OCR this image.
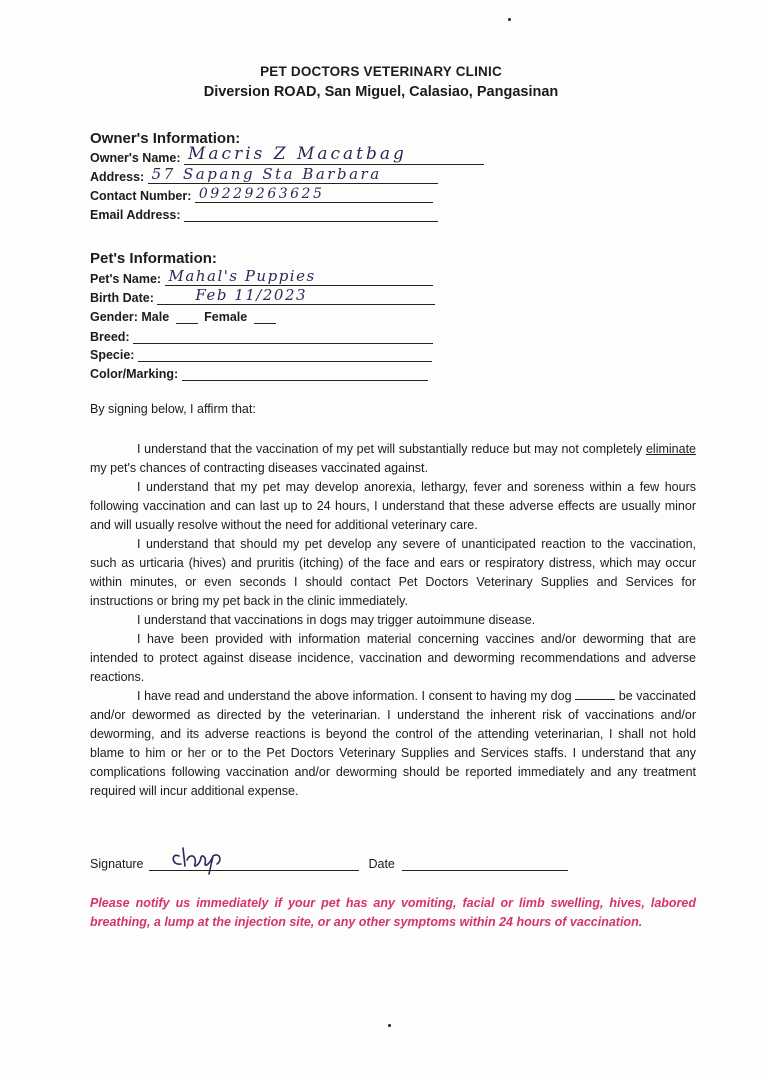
PET DOCTORS VETERINARY CLINIC
Diversion ROAD, San Miguel, Calasiao, Pangasinan
Owner's Information:
Owner's Name: Macris Z Macatbag
Address: 57 Sapang Sta Barbara
Contact Number: 09229263625
Email Address:
Pet's Information:
Pet's Name: Mahal's Puppies
Birth Date:	Feb 11/2023
Gender: Male	Female
Breed:
Specie:
Color/Marking:
By signing below, I affirm that:

I understand that the vaccination of my pet will substantially reduce but may not completely eliminate my pet's chances of contracting diseases vaccinated against.

I understand that my pet may develop anorexia, lethargy, fever and soreness within a few hours following vaccination and can last up to 24 hours, I understand that these adverse effects are usually minor and will usually resolve without the need for additional veterinary care.

I understand that should my pet develop any severe of unanticipated reaction to the vaccination, such as urticaria (hives) and pruritis (itching) of the face and ears or respiratory distress, which may occur within minutes, or even seconds I should contact Pet Doctors Veterinary Supplies and Services for instructions or bring my pet back in the clinic immediately.

I understand that vaccinations in dogs may trigger autoimmune disease.

I have been provided with information material concerning vaccines and/or deworming that are intended to protect against disease incidence, vaccination and deworming recommendations and adverse reactions.

I have read and understand the above information. I consent to having my dog	be vaccinated and/or dewormed as directed by the veterinarian. I understand the inherent risk of vaccinations and/or deworming, and its adverse reactions is beyond the control of the attending veterinarian, I shall not hold blame to him or her or to the Pet Doctors Veterinary Supplies and Services staffs. I understand that any complications following vaccination and/or deworming should be reported immediately and any treatment required will incur additional expense.

Signature	Date
Please notify us immediately if your pet has any vomiting, facial or limb swelling, hives, labored breathing, a lump at the injection site, or any other symptoms within 24 hours of vaccination.
